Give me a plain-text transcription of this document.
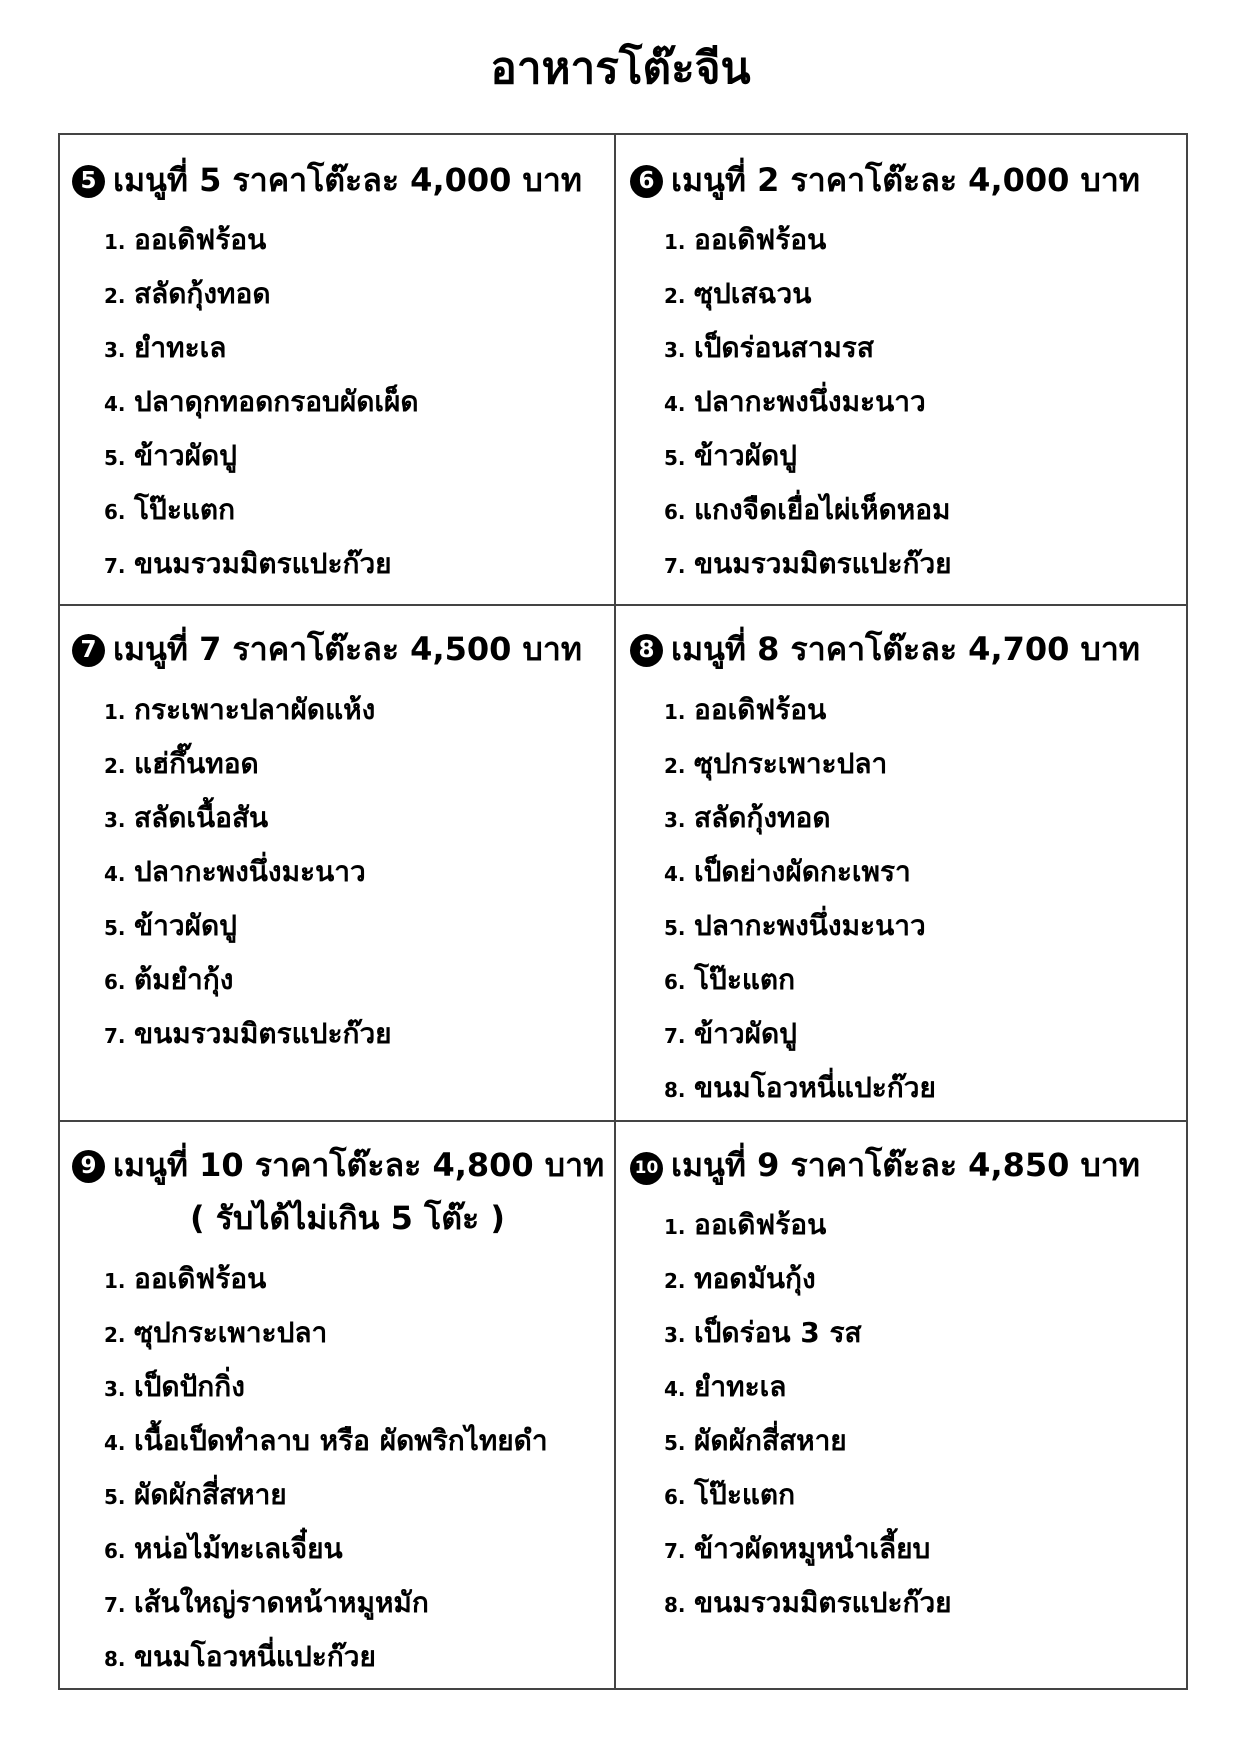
อาหารโต๊ะจีน
5 เมนูที่ 5 ราคาโต๊ะละ 4,000 บาท
1. ออเดิฟร้อน
2. สลัดกุ้งทอด
3. ยำทะเล
4. ปลาดุกทอดกรอบผัดเผ็ด
5. ข้าวผัดปู
6. โป๊ะแตก
7. ขนมรวมมิตรแปะก๊วย
6 เมนูที่ 2 ราคาโต๊ะละ 4,000 บาท
1. ออเดิฟร้อน
2. ซุปเสฉวน
3. เป็ดร่อนสามรส
4. ปลากะพงนึ่งมะนาว
5. ข้าวผัดปู
6. แกงจืดเยื่อไผ่เห็ดหอม
7. ขนมรวมมิตรแปะก๊วย
7 เมนูที่ 7 ราคาโต๊ะละ 4,500 บาท
1. กระเพาะปลาผัดแห้ง
2. แฮ่กึ๊นทอด
3. สลัดเนื้อสัน
4. ปลากะพงนึ่งมะนาว
5. ข้าวผัดปู
6. ต้มยำกุ้ง
7. ขนมรวมมิตรแปะก๊วย
8 เมนูที่ 8 ราคาโต๊ะละ 4,700 บาท
1. ออเดิฟร้อน
2. ซุปกระเพาะปลา
3. สลัดกุ้งทอด
4. เป็ดย่างผัดกะเพรา
5. ปลากะพงนึ่งมะนาว
6. โป๊ะแตก
7. ข้าวผัดปู
8. ขนมโอวหนี่แปะก๊วย
9 เมนูที่ 10 ราคาโต๊ะละ 4,800 บาท
( รับได้ไม่เกิน 5 โต๊ะ )
1. ออเดิฟร้อน
2. ซุปกระเพาะปลา
3. เป็ดปักกิ่ง
4. เนื้อเป็ดทำลาบ หรือ ผัดพริกไทยดำ
5. ผัดผักสี่สหาย
6. หน่อไม้ทะเลเจี๋ยน
7. เส้นใหญ่ราดหน้าหมูหมัก
8. ขนมโอวหนี่แปะก๊วย
10 เมนูที่ 9 ราคาโต๊ะละ 4,850 บาท
1. ออเดิฟร้อน
2. ทอดมันกุ้ง
3. เป็ดร่อน 3 รส
4. ยำทะเล
5. ผัดผักสี่สหาย
6. โป๊ะแตก
7. ข้าวผัดหมูหนำเลี้ยบ
8. ขนมรวมมิตรแปะก๊วย
